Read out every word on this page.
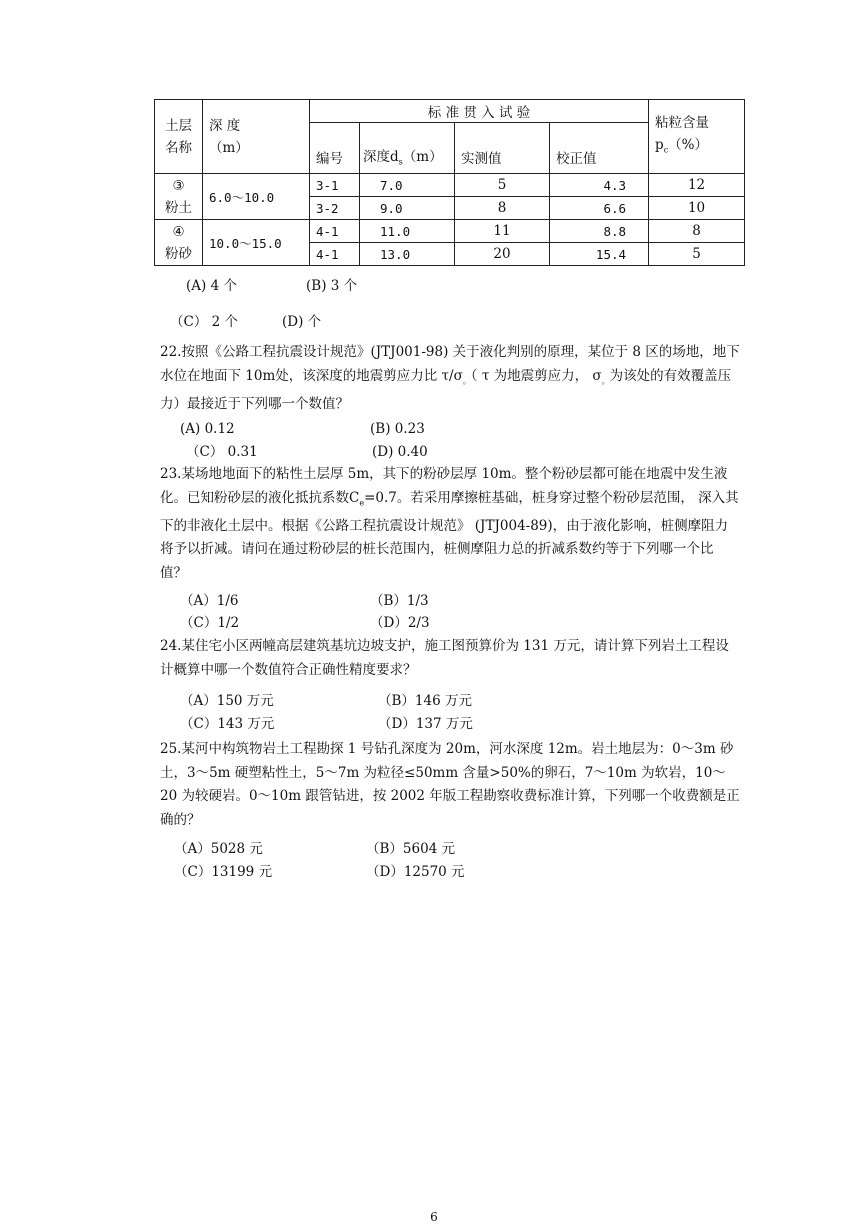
土层
名称	深 度
（m）	标 准 贯 入 试 验				粘粒含量
$p_c(\%)$
		编号	深度$d_s(m)$	实测值	校正值	
③
粉土	6.0～10.0	3-1	7.0	5	4.3	12
		3-2	9.0	8	6.6	10
④
粉砂	10.0～15.0	4-1	11.0	11	8.8	8
		4-1	13.0	20	15.4	5
(A) 4 个	(B) 3 个
（C） 2 个	(D) 个
22.按照《公路工程抗震设计规范》(JTJ001-98) 关于液化判别的原理，某位于 8 区的场地，地下水位在地面下 10m处，该深度的地震剪应力比 $\tau/\sigma_。$（ τ 为地震剪应力， $\sigma_。$为该处的有效覆盖压力）最接近于下列哪一个数值？
(A) 0.12	(B) 0.23
（C） 0.31	(D) 0.40
23.某场地地面下的粘性土层厚 5m，其下的粉砂层厚 10m。整个粉砂层都可能在地震中发生液化。已知粉砂层的液化抵抗系数$C_e=0.7$。若采用摩擦桩基础，桩身穿过整个粉砂层范围， 深入其下的非液化土层中。根据《公路工程抗震设计规范》 (JTJ004-89)，由于液化影响，桩侧摩阻力将予以折减。请问在通过粉砂层的桩长范围内，桩侧摩阻力总的折减系数约等于下列哪一个比值？
（A）1/6	（B）1/3
（C）1/2	（D）2/3
24.某住宅小区两幢高层建筑基坑边坡支护，施工图预算价为 131 万元，请计算下列岩土工程设计概算中哪一个数值符合正确性精度要求？
（A）150 万元	（B）146 万元
（C）143 万元	（D）137 万元
25.某河中构筑物岩土工程勘探 1 号钻孔深度为 20m，河水深度 12m。岩土地层为：0～3m 砂土，3～5m 硬塑粘性土，5～7m 为粒径≤50mm 含量>50%的卵石，7～10m 为软岩，10～20 为较硬岩。0～10m 跟管钻进，按 2002 年版工程勘察收费标准计算，下列哪一个收费额是正确的？
（A）5028 元	（B）5604 元
（C）13199 元	（D）12570 元
6
